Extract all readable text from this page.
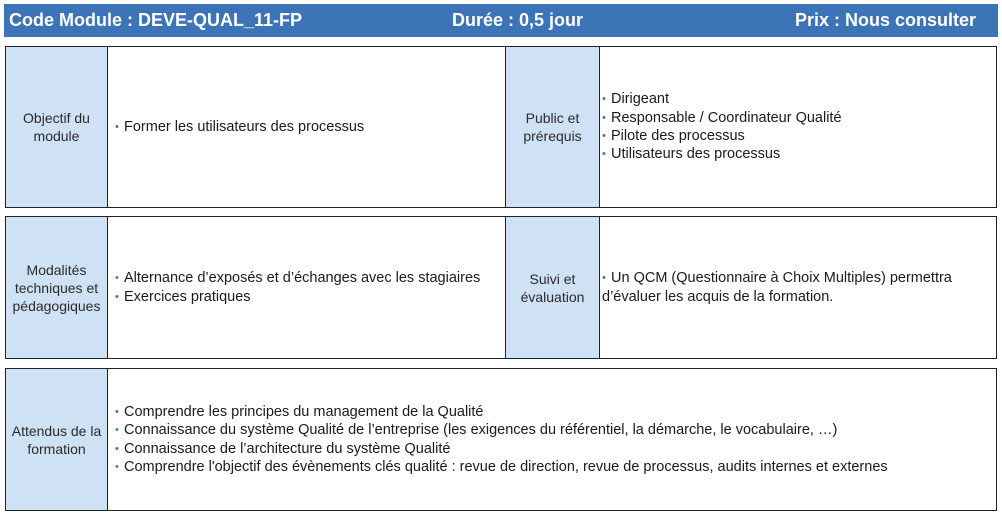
Code Module : DEVE-QUAL_11-FP	Durée : 0,5 jour	Prix : Nous consulter
Objectif du module
• Former les utilisateurs des processus
Public et prérequis
• Dirigeant
• Responsable / Coordinateur Qualité
• Pilote des processus
• Utilisateurs des processus
Modalités techniques et pédagogiques
• Alternance d’exposés et d’échanges avec les stagiaires
• Exercices pratiques
Suivi et évaluation
• Un QCM (Questionnaire à Choix Multiples) permettra
d’évaluer les acquis de la formation.
Attendus de la formation
• Comprendre les principes du management de la Qualité
• Connaissance du système Qualité de l’entreprise (les exigences du référentiel, la démarche, le vocabulaire, …)
• Connaissance de l’architecture du système Qualité
• Comprendre l'objectif des évènements clés qualité : revue de direction, revue de processus, audits internes et externes
